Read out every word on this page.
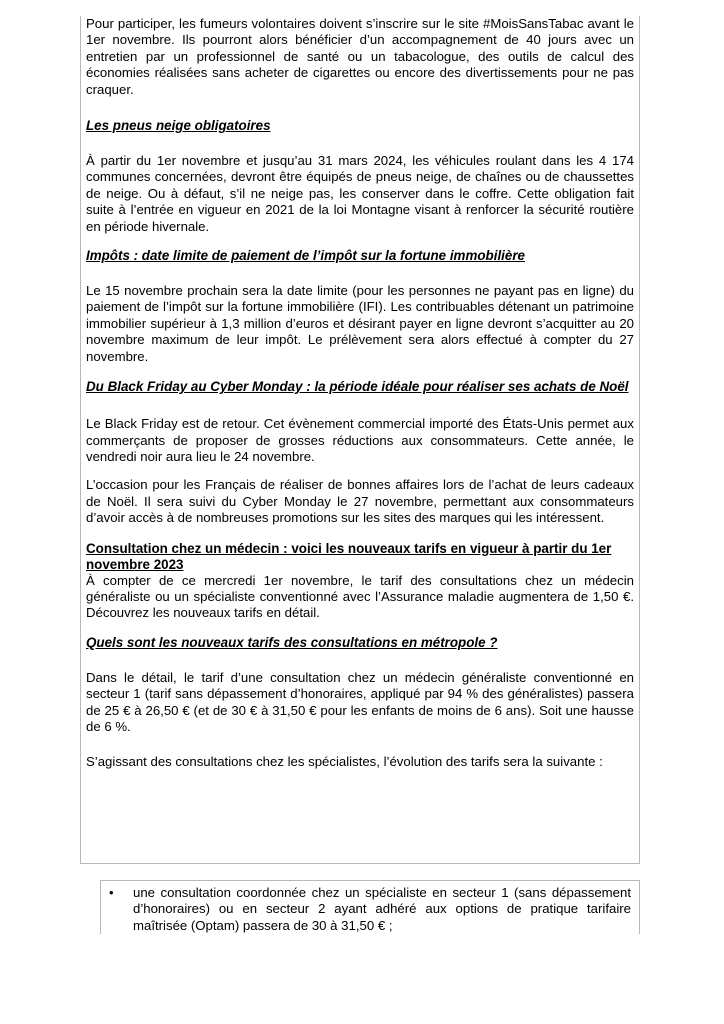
Pour participer, les fumeurs volontaires doivent s’inscrire sur le site #MoisSansTabac avant le 1er novembre. Ils pourront alors bénéficier d’un accompagnement de 40 jours avec un entretien par un professionnel de santé ou un tabacologue, des outils de calcul des économies réalisées sans acheter de cigarettes ou encore des divertissements pour ne pas craquer.

Les pneus neige obligatoires

À partir du 1er novembre et jusqu’au 31 mars 2024, les véhicules roulant dans les 4 174 communes concernées, devront être équipés de pneus neige, de chaînes ou de chaussettes de neige. Ou à défaut, s’il ne neige pas, les conserver dans le coffre. Cette obligation fait suite à l’entrée en vigueur en 2021 de la loi Montagne visant à renforcer la sécurité routière en période hivernale.

Impôts : date limite de paiement de l’impôt sur la fortune immobilière

Le 15 novembre prochain sera la date limite (pour les personnes ne payant pas en ligne) du paiement de l’impôt sur la fortune immobilière (IFI). Les contribuables détenant un patrimoine immobilier supérieur à 1,3 million d’euros et désirant payer en ligne devront s’acquitter au 20 novembre maximum de leur impôt. Le prélèvement sera alors effectué à compter du 27 novembre.

Du Black Friday au Cyber Monday : la période idéale pour réaliser ses achats de Noël

Le Black Friday est de retour. Cet évènement commercial importé des États-Unis permet aux commerçants de proposer de grosses réductions aux consommateurs. Cette année, le vendredi noir aura lieu le 24 novembre.

L’occasion pour les Français de réaliser de bonnes affaires lors de l’achat de leurs cadeaux de Noël. Il sera suivi du Cyber Monday le 27 novembre, permettant aux consommateurs d’avoir accès à de nombreuses promotions sur les sites des marques qui les intéressent.

Consultation chez un médecin : voici les nouveaux tarifs en vigueur à partir du 1er novembre 2023

À compter de ce mercredi 1er novembre, le tarif des consultations chez un médecin généraliste ou un spécialiste conventionné avec l’Assurance maladie augmentera de 1,50 €. Découvrez les nouveaux tarifs en détail.

Quels sont les nouveaux tarifs des consultations en métropole ?

Dans le détail, le tarif d’une consultation chez un médecin généraliste conventionné en secteur 1 (tarif sans dépassement d’honoraires, appliqué par 94 % des généralistes) passera de 25 € à 26,50 € (et de 30 € à 31,50 € pour les enfants de moins de 6 ans). Soit une hausse de 6 %.

S’agissant des consultations chez les spécialistes, l’évolution des tarifs sera la suivante :

•	une consultation coordonnée chez un spécialiste en secteur 1 (sans dépassement d’honoraires) ou en secteur 2 ayant adhéré aux options de pratique tarifaire maîtrisée (Optam) passera de 30 à 31,50 € ;
